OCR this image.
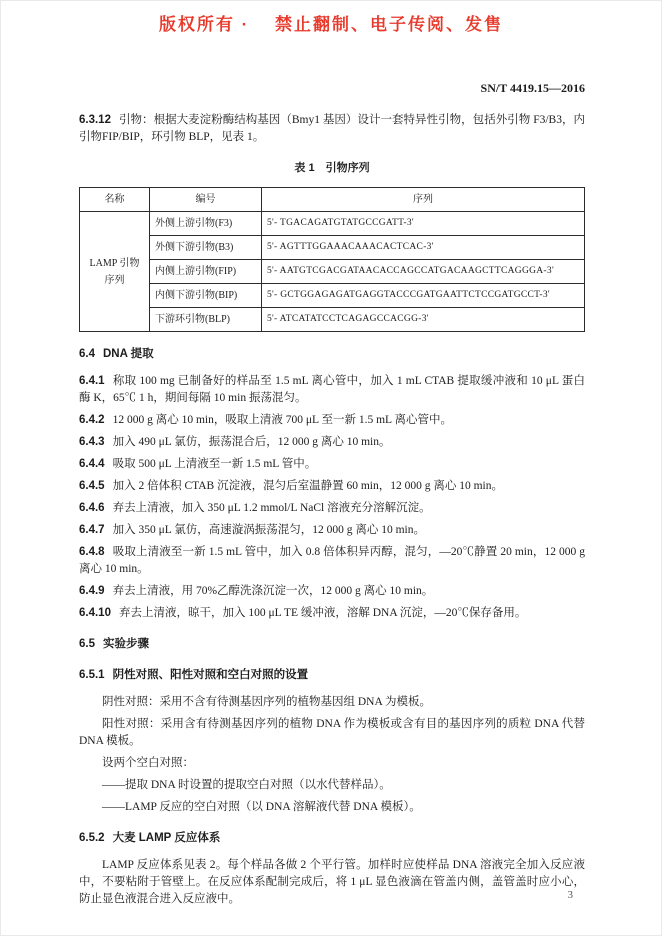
版权所有 ·　 禁止翻制、电子传阅、发售
SN/T 4419.15—2016

6.3.12 引物：根据大麦淀粉酶结构基因（Bmy1 基因）设计一套特异性引物，包括外引物 F3/B3，内引物FIP/BIP，环引物 BLP，见表 1。

表 1　引物序列
名称	编号	序列
LAMP 引物序列	外侧上游引物(F3)	5'- TGACAGATGTATGCCGATT-3'
	外侧下游引物(B3)	5'- AGTTTGGAAACAAACACTCAC-3'
	内侧上游引物(FIP)	5'- AATGTCGACGATAACACCAGCCATGACAAGCTTCAGGGA-3'
	内侧下游引物(BIP)	5'- GCTGGAGAGATGAGGTACCCGATGAATTCTCCGATGCCT-3'
	下游环引物(BLP)	5'- ATCATATCCTCAGAGCCACGG-3'
6.4 DNA 提取

6.4.1 称取 100 mg 已制备好的样品至 1.5 mL 离心管中，加入 1 mL CTAB 提取缓冲液和 10 μL 蛋白酶 K，65℃ 1 h，期间每隔 10 min 振荡混匀。

6.4.2 12 000 g 离心 10 min，吸取上清液 700 μL 至一新 1.5 mL 离心管中。

6.4.3 加入 490 μL 氯仿，振荡混合后，12 000 g 离心 10 min。

6.4.4 吸取 500 μL 上清液至一新 1.5 mL 管中。

6.4.5 加入 2 倍体积 CTAB 沉淀液，混匀后室温静置 60 min，12 000 g 离心 10 min。

6.4.6 弃去上清液，加入 350 μL 1.2 mmol/L NaCl 溶液充分溶解沉淀。

6.4.7 加入 350 μL 氯仿，高速漩涡振荡混匀，12 000 g 离心 10 min。

6.4.8 吸取上清液至一新 1.5 mL 管中，加入 0.8 倍体积异丙醇，混匀，—20℃静置 20 min，12 000 g 离心 10 min。

6.4.9 弃去上清液，用 70%乙醇洗涤沉淀一次，12 000 g 离心 10 min。

6.4.10 弃去上清液，晾干，加入 100 μL TE 缓冲液，溶解 DNA 沉淀，—20℃保存备用。

6.5 实验步骤
6.5.1 阴性对照、阳性对照和空白对照的设置

阴性对照：采用不含有待测基因序列的植物基因组 DNA 为模板。

阳性对照：采用含有待测基因序列的植物 DNA 作为模板或含有目的基因序列的质粒 DNA 代替DNA 模板。

设两个空白对照：

——提取 DNA 时设置的提取空白对照（以水代替样品）。

——LAMP 反应的空白对照（以 DNA 溶解液代替 DNA 模板）。

6.5.2 大麦 LAMP 反应体系

LAMP 反应体系见表 2。每个样品各做 2 个平行管。加样时应使样品 DNA 溶液完全加入反应液中，不要粘附于管壁上。在反应体系配制完成后，将 1 μL 显色液滴在管盖内侧，盖管盖时应小心，防止显色液混合进入反应液中。	3
